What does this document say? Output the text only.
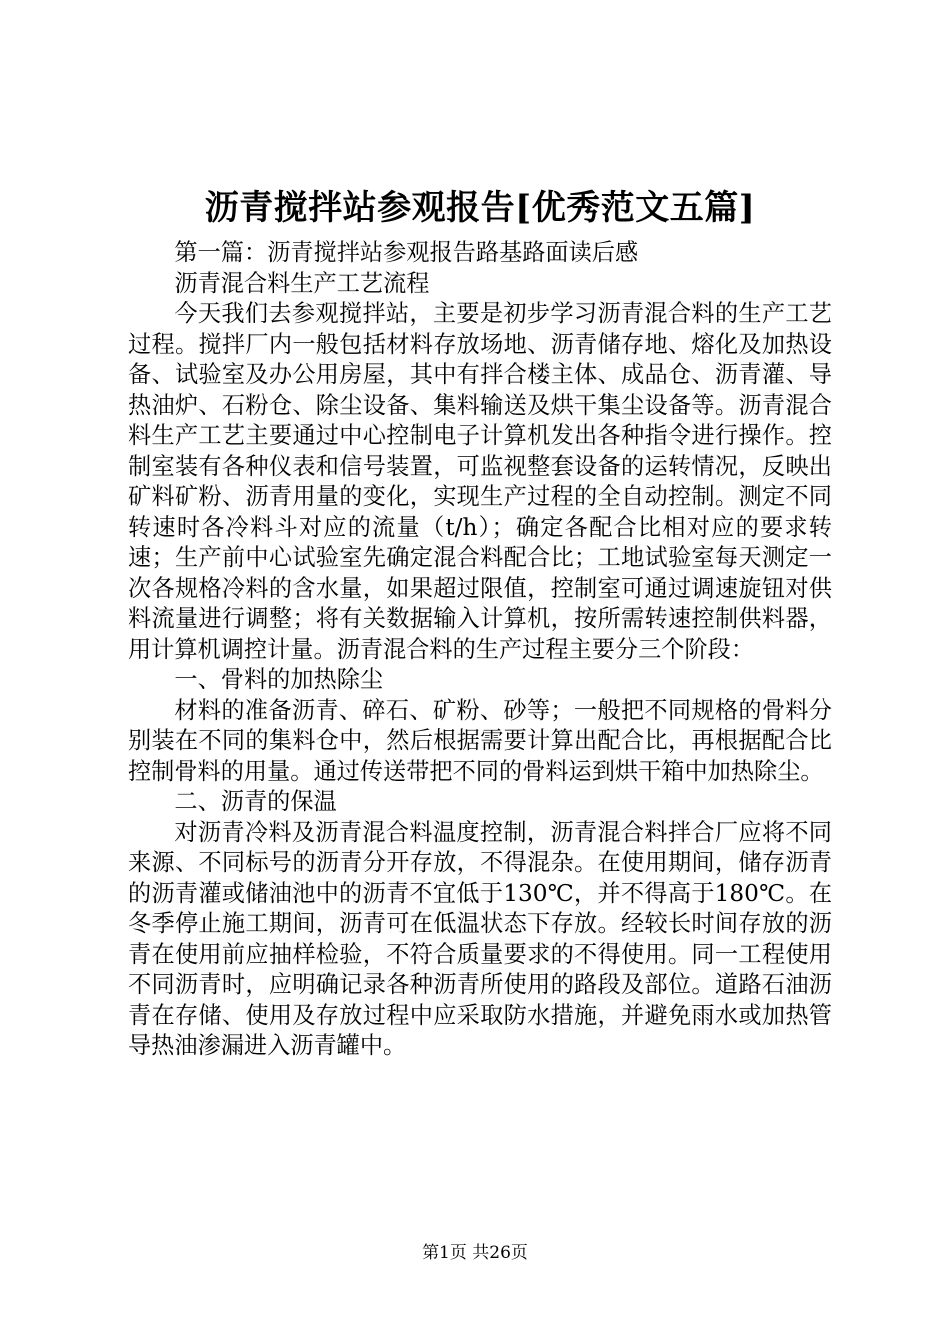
沥青搅拌站参观报告[优秀范文五篇]

第一篇：沥青搅拌站参观报告路基路面读后感

沥青混合料生产工艺流程

今天我们去参观搅拌站，主要是初步学习沥青混合料的生产工艺过程。搅拌厂内一般包括材料存放场地、沥青储存地、熔化及加热设备、试验室及办公用房屋，其中有拌合楼主体、成品仓、沥青灌、导热油炉、石粉仓、除尘设备、集料输送及烘干集尘设备等。沥青混合料生产工艺主要通过中心控制电子计算机发出各种指令进行操作。控制室装有各种仪表和信号装置，可监视整套设备的运转情况，反映出矿料矿粉、沥青用量的变化，实现生产过程的全自动控制。测定不同转速时各冷料斗对应的流量（t/h）；确定各配合比相对应的要求转速；生产前中心试验室先确定混合料配合比；工地试验室每天测定一次各规格冷料的含水量，如果超过限值，控制室可通过调速旋钮对供料流量进行调整；将有关数据输入计算机，按所需转速控制供料器，用计算机调控计量。沥青混合料的生产过程主要分三个阶段：

一、骨料的加热除尘

材料的准备沥青、碎石、矿粉、砂等；一般把不同规格的骨料分别装在不同的集料仓中，然后根据需要计算出配合比，再根据配合比控制骨料的用量。通过传送带把不同的骨料运到烘干箱中加热除尘。

二、沥青的保温

对沥青冷料及沥青混合料温度控制，沥青混合料拌合厂应将不同来源、不同标号的沥青分开存放，不得混杂。在使用期间，储存沥青的沥青灌或储油池中的沥青不宜低于130℃，并不得高于180℃。在冬季停止施工期间，沥青可在低温状态下存放。经较长时间存放的沥青在使用前应抽样检验，不符合质量要求的不得使用。同一工程使用不同沥青时，应明确记录各种沥青所使用的路段及部位。道路石油沥青在存储、使用及存放过程中应采取防水措施，并避免雨水或加热管导热油渗漏进入沥青罐中。

第1页 共26页
